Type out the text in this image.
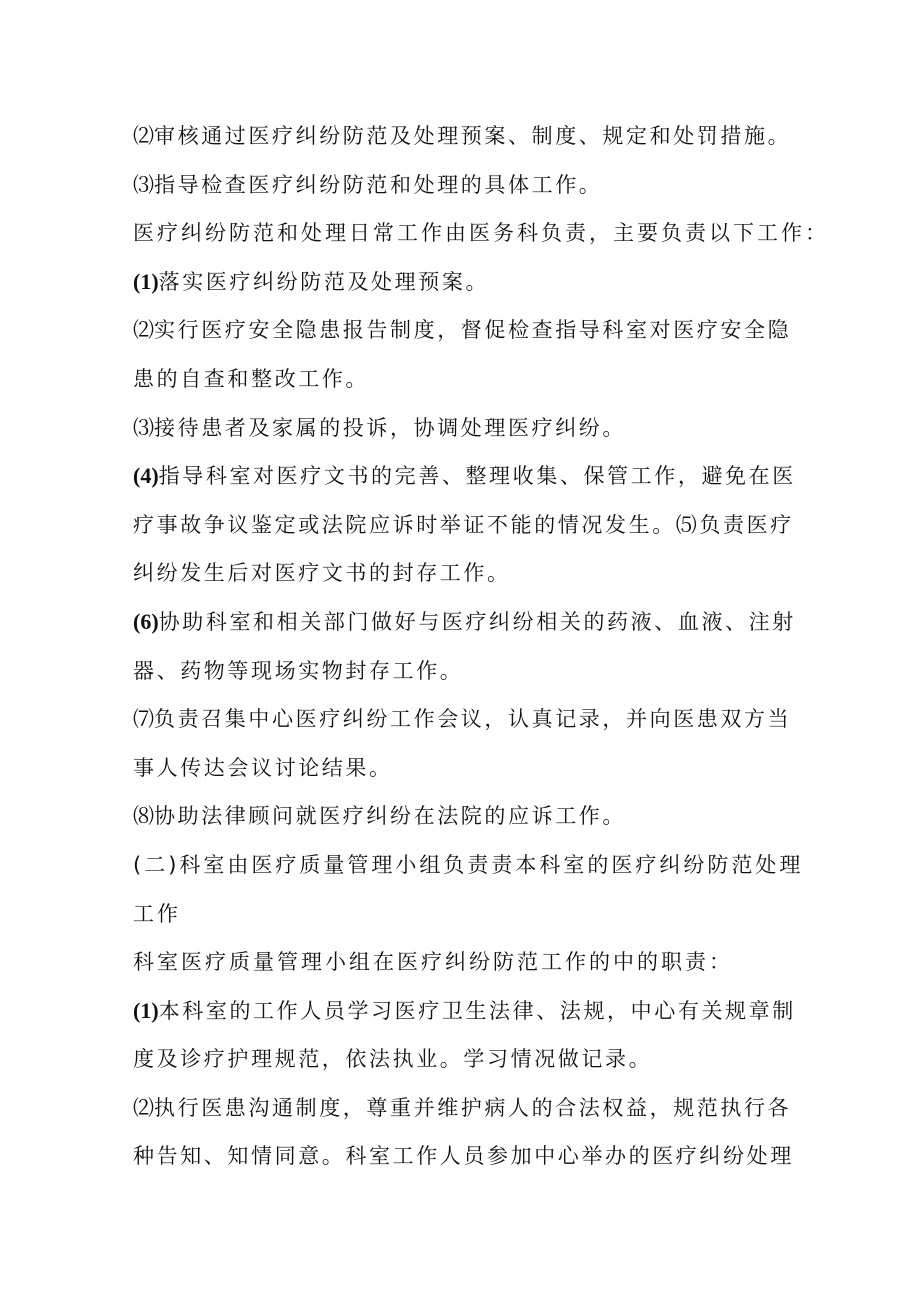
⑵审核通过医疗纠纷防范及处理预案、制度、规定和处罚措施。
⑶指导检查医疗纠纷防范和处理的具体工作。
医疗纠纷防范和处理日常工作由医务科负责，主要负责以下工作：
(1)落实医疗纠纷防范及处理预案。
⑵实行医疗安全隐患报告制度，督促检查指导科室对医疗安全隐
患的自查和整改工作。
⑶接待患者及家属的投诉，协调处理医疗纠纷。
(4)指导科室对医疗文书的完善、整理收集、保管工作，避免在医
疗事故争议鉴定或法院应诉时举证不能的情况发生。⑸负责医疗
纠纷发生后对医疗文书的封存工作。
(6)协助科室和相关部门做好与医疗纠纷相关的药液、血液、注射
器、药物等现场实物封存工作。
⑺负责召集中心医疗纠纷工作会议，认真记录，并向医患双方当
事人传达会议讨论结果。
⑻协助法律顾问就医疗纠纷在法院的应诉工作。
(二)科室由医疗质量管理小组负责责本科室的医疗纠纷防范处理
工作
科室医疗质量管理小组在医疗纠纷防范工作的中的职责：
(1)本科室的工作人员学习医疗卫生法律、法规，中心有关规章制
度及诊疗护理规范，依法执业。学习情况做记录。
⑵执行医患沟通制度，尊重并维护病人的合法权益，规范执行各
种告知、知情同意。科室工作人员参加中心举办的医疗纠纷处理
